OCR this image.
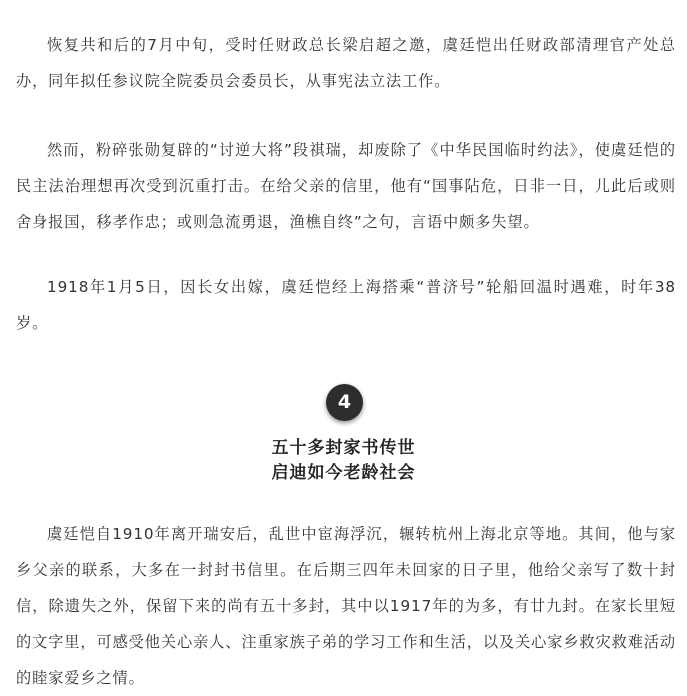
恢复共和后的7月中旬，受时任财政总长梁启超之邀，虞廷恺出任财政部清理官产处总办，同年拟任参议院全院委员会委员长，从事宪法立法工作。

然而，粉碎张勋复辟的“讨逆大将”段祺瑞，却废除了《中华民国临时约法》，使虞廷恺的民主法治理想再次受到沉重打击。在给父亲的信里，他有“国事阽危，日非一日，儿此后或则舍身报国，移孝作忠；或则急流勇退，渔樵自终”之句，言语中颇多失望。

1918年1月5日，因长女出嫁，虞廷恺经上海搭乘“普济号”轮船回温时遇难，时年38岁。

4
五十多封家书传世
启迪如今老龄社会

虞廷恺自1910年离开瑞安后，乱世中宦海浮沉，辗转杭州上海北京等地。其间，他与家乡父亲的联系，大多在一封封书信里。在后期三四年未回家的日子里，他给父亲写了数十封信，除遗失之外，保留下来的尚有五十多封，其中以1917年的为多，有廿九封。在家长里短的文字里，可感受他关心亲人、注重家族子弟的学习工作和生活，以及关心家乡救灾救难活动的睦家爱乡之情。
